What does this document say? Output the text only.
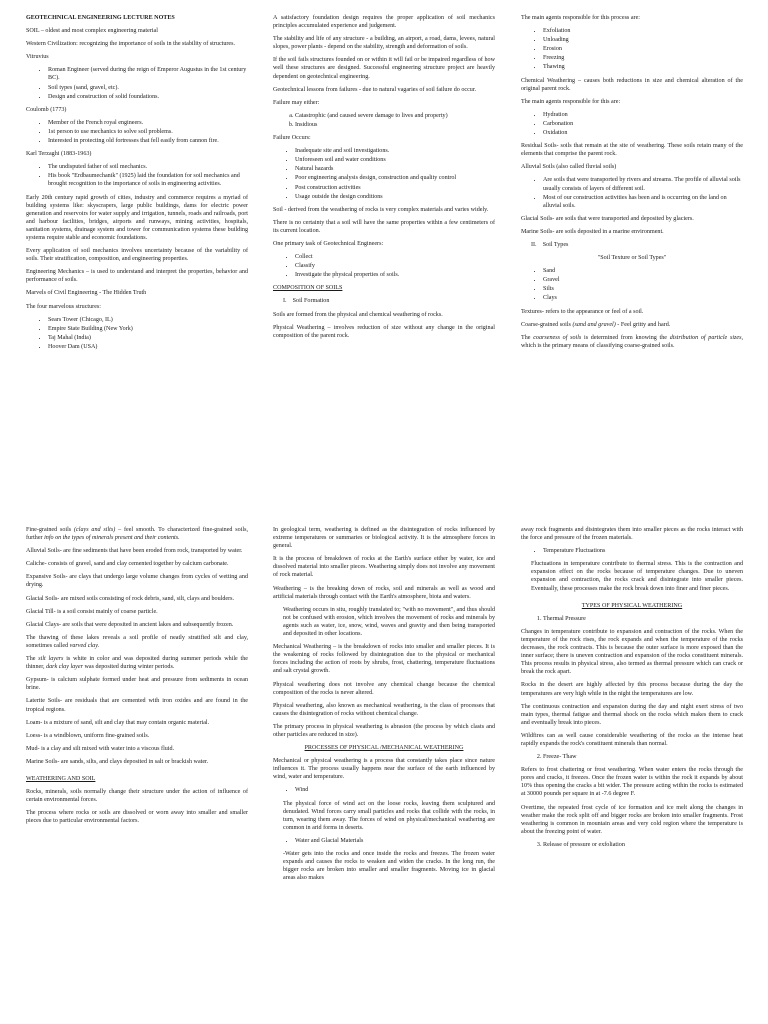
GEOTECHNICAL ENGINEERING LECTURE NOTES

SOIL – oldest and most complex engineering material

Western Civilization: recognizing the importance of soils in the stability of structures.

Vitruvius

• Roman Engineer (served during the reign of Emperor Augustus in the 1st century BC).
• Soil types (sand, gravel, etc).
• Design and construction of solid foundations.

Coulomb (1773)

• Member of the French royal engineers.
• 1st person to use mechanics to solve soil problems.
• Interested in protecting old fortresses that fell easily from cannon fire.

Karl Terzaghi (1883-1963)

• The undisputed father of soil mechanics.
• His book "Erdbaumechanik" (1925) laid the foundation for soil mechanics and brought recognition to the importance of soils in engineering activities.

Early 20th century rapid growth of cities, industry and commerce requires a myriad of building systems like: skyscrapers, large public buildings, dams for electric power generation and reservoirs for water supply and irrigation, tunnels, roads and railroads, port and harbour facilities, bridges, airports and runways, mining activities, hospitals, sanitation systems, drainage system and tower for communication systems these building systems require stable and economic foundations.

Every application of soil mechanics involves uncertainty because of the variability of soils. Their stratification, composition, and engineering properties.

Engineering Mechanics – is used to understand and interpret the properties, behavior and performance of soils.

Marvels of Civil Engineering - The Hidden Truth

The four marvelous structures:

• Sears Tower (Chicago, IL)
• Empire State Building (New York)
• Taj Mahal (India)
• Hoover Dam (USA)

A satisfactory foundation design requires the proper application of soil mechanics principles accumulated experience and judgement.

The stability and life of any structure - a building, an airport, a road, dams, levees, natural slopes, power plants - depend on the stability, strength and deformation of soils.

If the soil fails structures founded on or within it will fail or be impaired regardless of how well these structures are designed. Successful engineering structure project are heavily dependent on geotechnical engineering.

Geotechnical lessons from failures - due to natural vagaries of soil failure do occur.

Failure may either:

a. Catastrophic (and caused severe damage to lives and property)
b. Insidious

Failure Occurs:

• Inadequate site and soil investigations.
• Unforeseen soil and water conditions
• Natural hazards
• Poor engineering analysis design, construction and quality control
• Post construction activities
• Usage outside the design conditions

Soil - derived from the weathering of rocks is very complex materials and varies widely.

There is no certainty that a soil will have the same properties within a few centimeters of its current location.

One primary task of Geotechnical Engineers:

• Collect
• Classify
• Investigate the physical properties of soils.

COMPOSITION OF SOILS

I. Soil Formation

Soils are formed from the physical and chemical weathering of rocks.

Physical Weathering – involves reduction of size without any change in the original composition of the parent rock.

The main agents responsible for this process are:

• Exfoliation
• Unloading
• Erosion
• Freezing
• Thawing

Chemical Weathering – causes both reductions in size and chemical alteration of the original parent rock.

The main agents responsible for this are:

• Hydration
• Carbonation
• Oxidation

Residual Soils- soils that remain at the site of weathering. These soils retain many of the elements that comprise the parent rock.

Alluvial Soils (also called fluvial soils)

• Are soils that were transported by rivers and streams. The profile of alluvial soils usually consists of layers of different soil.
• Most of our construction activities has been and is occurring on the land on alluvial soils.

Glacial Soils- are soils that were transported and deposited by glaciers.

Marine Soils- are soils deposited in a marine environment.

II. Soil Types

"Soil Texture or Soil Types"

• Sand
• Gravel
• Silts
• Clays

Textures- refers to the appearance or feel of a soil.

Coarse-grained soils (sand and gravel) - Feel gritty and hard.

The coarseness of soils is determined from knowing the distribution of particle sizes, which is the primary means of classifying coarse-grained soils.

Fine-grained soils (clays and silts) – feel smooth. To characterized fine-grained soils, further info on the types of minerals present and their contents.

Alluvial Soils- are fine sediments that have been eroded from rock, transported by water.

Caliche- consists of gravel, sand and clay cemented together by calcium carbonate.

Expansive Soils- are clays that undergo large volume changes from cycles of wetting and drying.

Glacial Soils- are mixed soils consisting of rock debris, sand, silt, clays and boulders.

Glacial Till- is a soil consist mainly of coarse particle.

Glacial Clays- are soils that were deposited in ancient lakes and subsequently frozen.

The thawing of these lakes reveals a soil profile of neatly stratified silt and clay, sometimes called varved clay.

The silt layers is white in color and was deposited during summer periods while the thinner, dark clay layer was deposited during winter periods.

Gypsum- is calcium sulphate formed under heat and pressure from sediments in ocean brine.

Laterite Soils- are residuals that are cemented with iron oxides and are found in the tropical regions.

Loam- is a mixture of sand, silt and clay that may contain organic material.

Loess- is a windblown, uniform fine-grained soils.

Mud- is a clay and silt mixed with water into a viscous fluid.

Marine Soils- are sands, silts, and clays deposited in salt or brackish water.

WEATHERING AND SOIL

Rocks, minerals, soils normally change their structure under the action of influence of certain environmental forces.

The process where rocks or soils are dissolved or worn away into smaller and smaller pieces due to particular environmental factors.

In geological term, weathering is defined as the disintegration of rocks influenced by extreme temperatures or summaries or biological activity. It is the atmosphere forces in general.

It is the process of breakdown of rocks at the Earth's surface either by water, ice and dissolved material into smaller pieces. Weathering simply does not involve any movement of rock material.

Weathering – is the breaking down of rocks, soil and minerals as well as wood and artificial materials through contact with the Earth's atmosphere, biota and waters.

Weathering occurs in situ, roughly translated to; "with no movement", and thus should not be confused with erosion, which involves the movement of rocks and minerals by agents such as water, ice, snow, wind, waves and gravity and then being transported and deposited in other locations.

Mechanical Weathering – is the breakdown of rocks into smaller and smaller pieces. It is the weakening of rocks followed by disintegration due to the physical or mechanical forces including the action of roots by shrubs, frost, chattering, temperature fluctuations and salt crystal growth.

Physical weathering does not involve any chemical change because the chemical composition of the rocks is never altered.

Physical weathering, also known as mechanical weathering, is the class of processes that causes the disintegration of rocks without chemical change.

The primary process in physical weathering is abrasion (the process by which clasts and other particles are reduced in size).

PROCESSES OF PHYSICAL /MECHANICAL WEATHERING

Mechanical or physical weathering is a process that constantly takes place since nature influences it. The process usually happens near the surface of the earth influenced by wind, water and temperature.

• Wind

The physical force of wind act on the loose rocks, leaving them sculptured and denudated. Wind forces carry small particles and rocks that collide with the rocks, in turn, wearing them away. The forces of wind on physical/mechanical weathering are common in arid forms in deserts.

• Water and Glacial Materials

-Water gets into the rocks and once inside the rocks and freezes. The frozen water expands and causes the rocks to weaken and widen the cracks. In the long run, the bigger rocks are broken into smaller and smaller fragments. Moving ice in glacial areas also makes

away rock fragments and disintegrates them into smaller pieces as the rocks interact with the force and pressure of the frozen materials.

• Temperature Fluctuations

Fluctuations in temperature contribute to thermal stress. This is the contraction and expansion effect on the rocks because of temperature changes. Due to uneven expansion and contraction, the rocks crack and disintegrate into smaller pieces. Eventually, these processes make the rock break down into finer and finer pieces.

TYPES OF PHYSICAL WEATHERING

1. Thermal Pressure

Changes in temperature contribute to expansion and contraction of the rocks. When the temperature of the rock rises, the rock expands and when the temperature of the rocks decreases, the rock contracts. This is because the outer surface is more exposed than the inner surface; there is uneven contraction and expansion of the rocks constituent minerals. This process results in physical stress, also termed as thermal pressure which can crack or break the rock apart.

Rocks in the desert are highly affected by this process because during the day the temperatures are very high while in the night the temperatures are low.

The continuous contraction and expansion during the day and night exert stress of two main types, thermal fatigue and thermal shock on the rocks which makes them to crack and eventually break into pieces.

Wildfires can as well cause considerable weathering of the rocks as the intense heat rapidly expands the rock's constituent minerals than normal.

2. Freeze- Thaw

Refers to frost chattering or frost weathering. When water enters the rocks through the pores and cracks, it freezes. Once the frozen water is within the rock it expands by about 10% thus opening the cracks a bit wider. The pressure acting within the rocks is estimated at 30000 pounds per square in at -7.6 degree F.

Overtime, the repeated frost cycle of ice formation and ice melt along the changes in weather make the rock split off and bigger rocks are broken into smaller fragments. Frost weathering is common in mountain areas and very cold region where the temperature is about the freezing point of water.

3. Release of pressure or exfoliation
